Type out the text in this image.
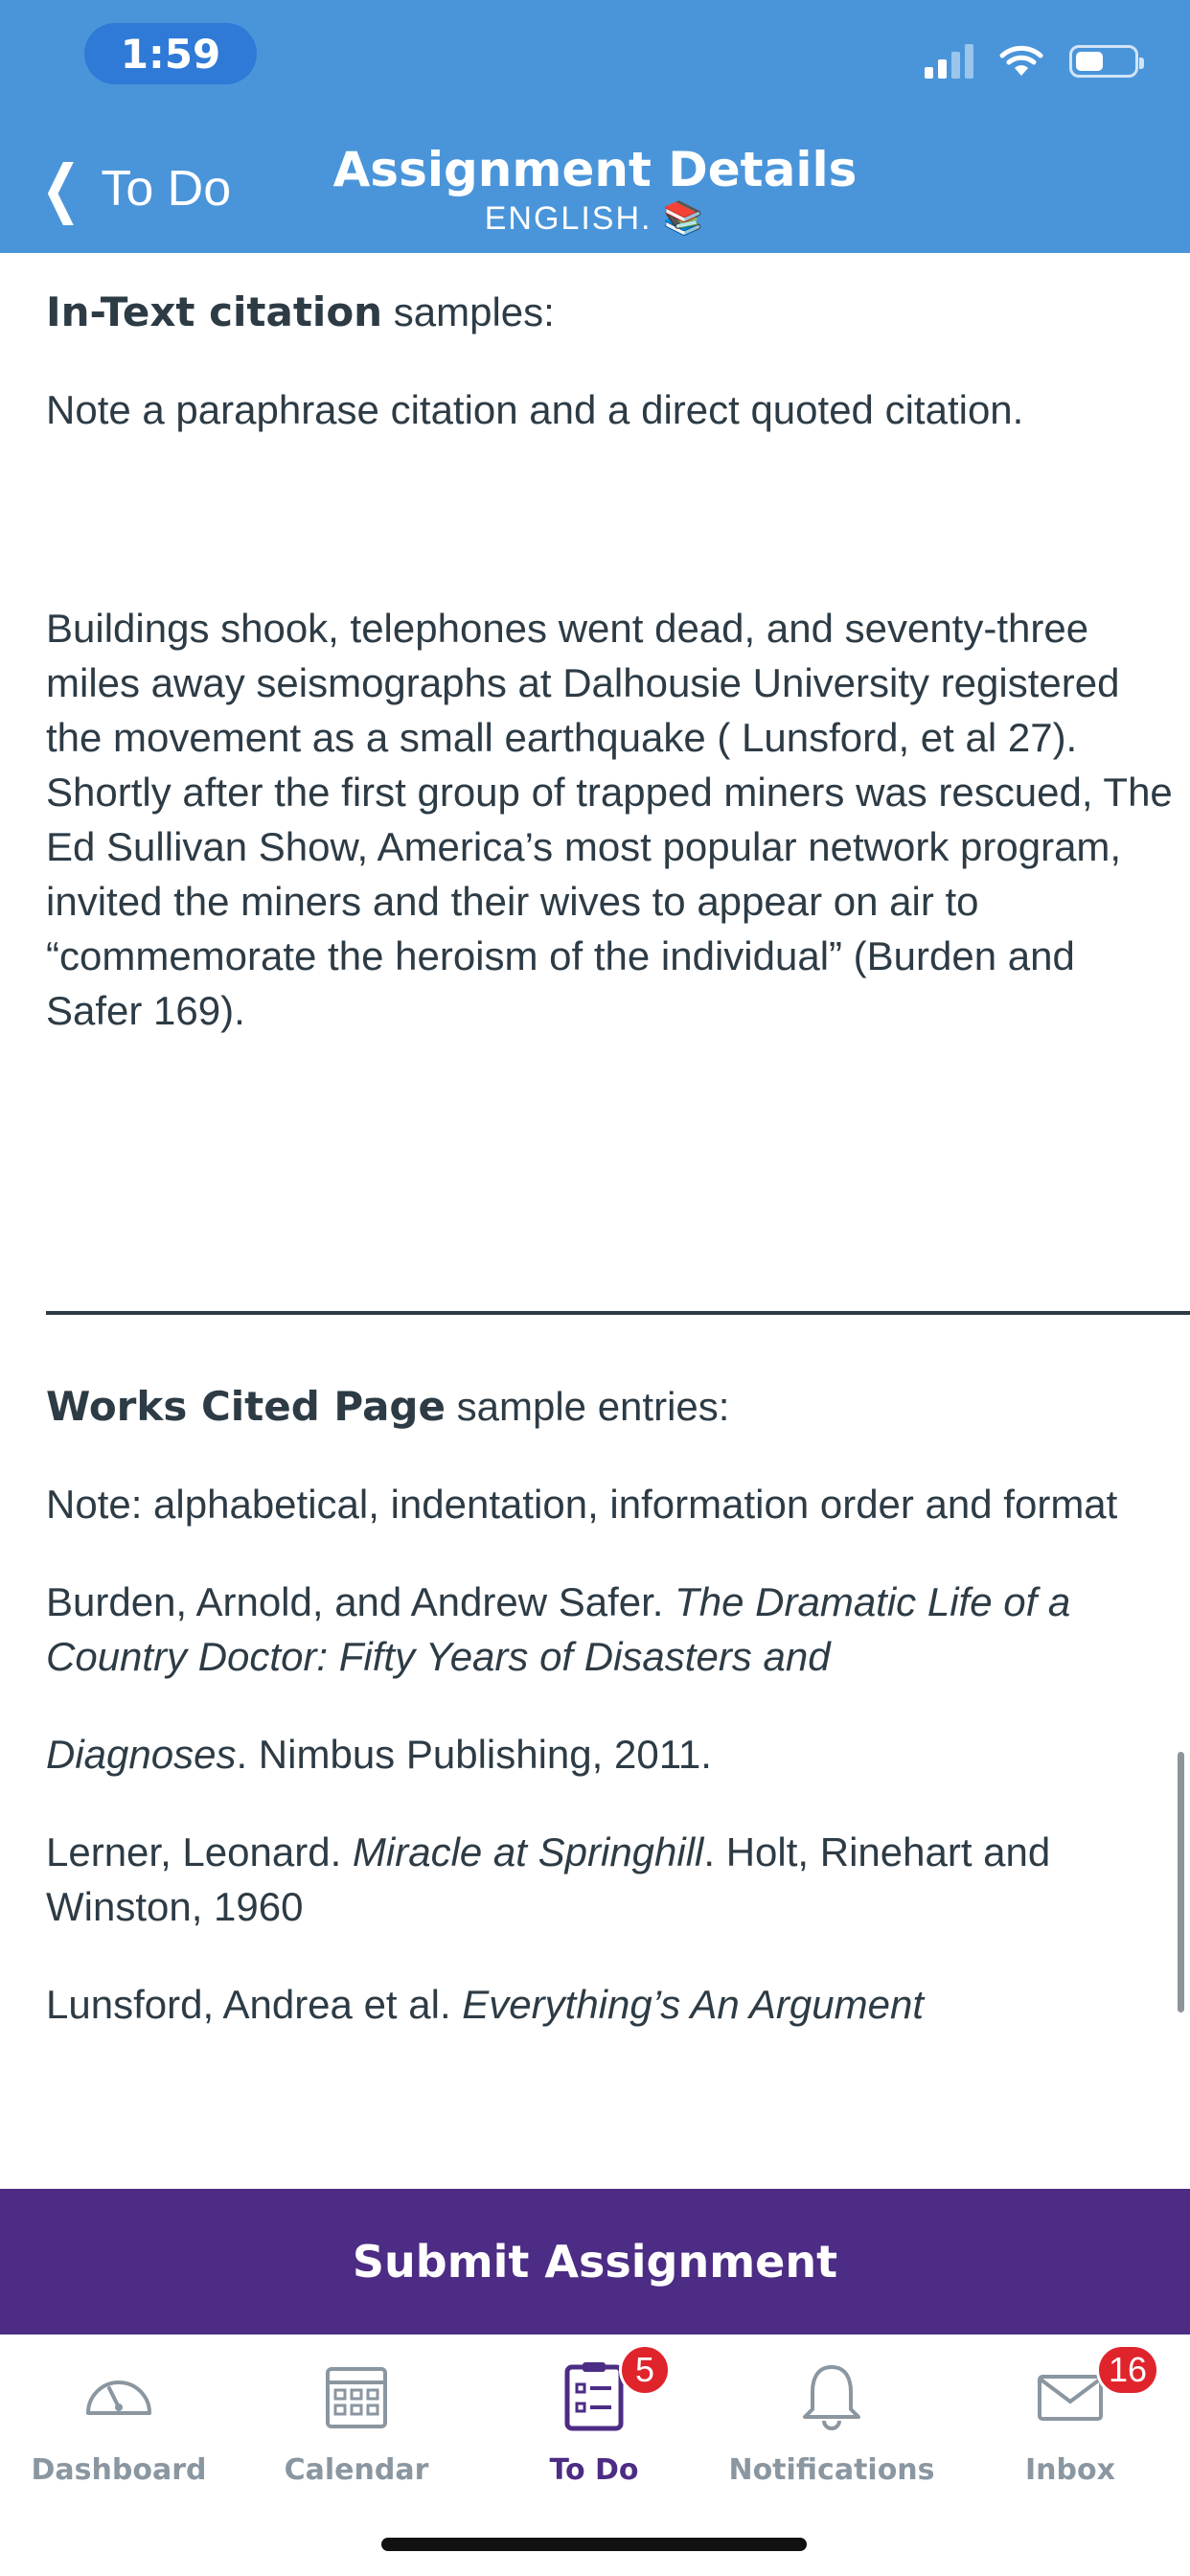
1:59
❮ To Do	Assignment Details
ENGLISH. 📚

In-Text citation samples:

Note a paraphrase citation and a direct quoted citation.

Buildings shook, telephones went dead, and seventy-three miles away seismographs at Dalhousie University registered the movement as a small earthquake ( Lunsford, et al 27). Shortly after the first group of trapped miners was rescued, The Ed Sullivan Show, America’s most popular network program, invited the miners and their wives to appear on air to “commemorate the heroism of the individual” (Burden and Safer 169).

Works Cited Page sample entries:

Note: alphabetical, indentation, information order and format

Burden, Arnold, and Andrew Safer. The Dramatic Life of a Country Doctor: Fifty Years of Disasters and

Diagnoses. Nimbus Publishing, 2011.

Lerner, Leonard. Miracle at Springhill. Holt, Rinehart and Winston, 1960

Lunsford, Andrea et al. Everything’s An Argument

Submit Assignment
Dashboard	Calendar
5
To Do	Notifications
16
Inbox
